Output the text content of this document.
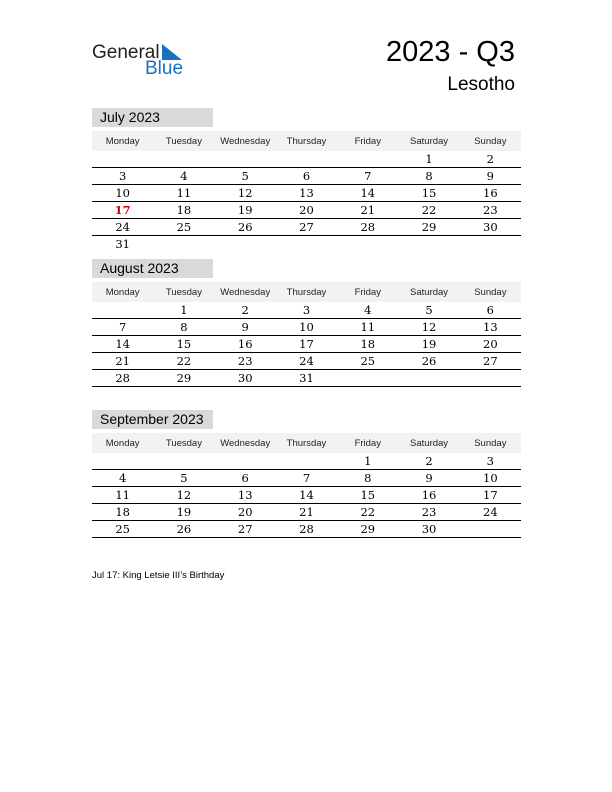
General
Blue
2023 - Q3
Lesotho
July 2023
Monday	Tuesday	Wednesday	Thursday	Friday	Saturday	Sunday
					1	2
3	4	5	6	7	8	9
10	11	12	13	14	15	16
17	18	19	20	21	22	23
24	25	26	27	28	29	30
31						
August 2023
Monday	Tuesday	Wednesday	Thursday	Friday	Saturday	Sunday
	1	2	3	4	5	6
7	8	9	10	11	12	13
14	15	16	17	18	19	20
21	22	23	24	25	26	27
28	29	30	31			
September 2023
Monday	Tuesday	Wednesday	Thursday	Friday	Saturday	Sunday
				1	2	3
4	5	6	7	8	9	10
11	12	13	14	15	16	17
18	19	20	21	22	23	24
25	26	27	28	29	30	
Jul 17: King Letsie III’s Birthday
